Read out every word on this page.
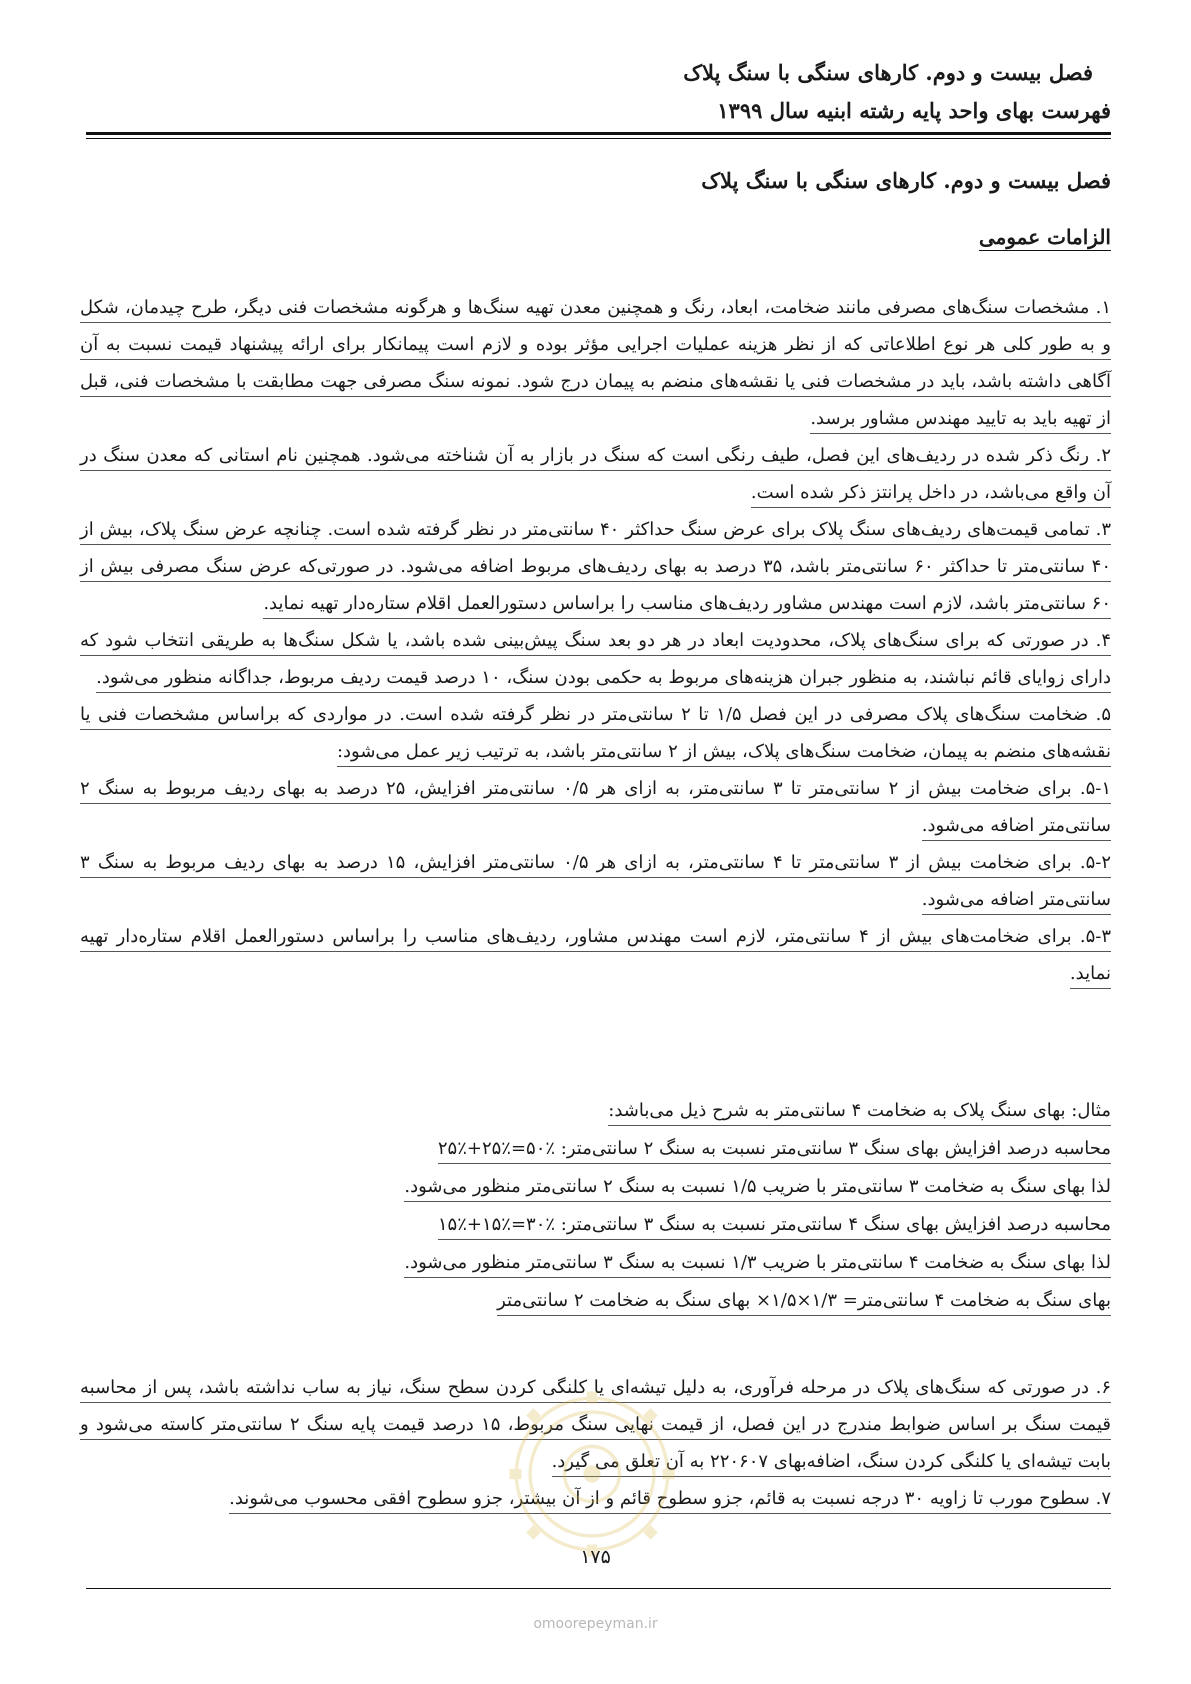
فصل بیست و دوم. کارهای سنگی با سنگ پلاک
فهرست بهای واحد پایه رشته ابنیه سال ۱۳۹۹
فصل بیست و دوم. کارهای سنگی با سنگ پلاک
الزامات عمومی

۱. مشخصات سنگ‌های مصرفی مانند ضخامت، ابعاد، رنگ و همچنین معدن تهیه سنگ‌ها و هرگونه مشخصات فنی دیگر، طرح چیدمان، شکل و به طور کلی هر نوع اطلاعاتی که از نظر هزینه عملیات اجرایی مؤثر بوده و لازم است پیمانکار برای ارائه پیشنهاد قیمت نسبت به آن آگاهی داشته باشد، باید در مشخصات فنی یا نقشه‌های منضم به پیمان درج شود. نمونه سنگ مصرفی جهت مطابقت با مشخصات فنی، قبل از تهیه باید به تایید مهندس مشاور برسد.

۲. رنگ ذکر شده در ردیف‌های این فصل، طیف رنگی است که سنگ در بازار به آن شناخته می‌شود. همچنین نام استانی که معدن سنگ در آن واقع می‌باشد، در داخل پرانتز ذکر شده است.

۳. تمامی قیمت‌های ردیف‌های سنگ پلاک برای عرض سنگ حداکثر ۴۰ سانتی‌متر در نظر گرفته شده است. چنانچه عرض سنگ پلاک، بیش از ۴۰ سانتی‌متر تا حداکثر ۶۰ سانتی‌متر باشد، ۳۵ درصد به بهای ردیف‌های مربوط اضافه می‌شود. در صورتی‌که عرض سنگ مصرفی بیش از ۶۰ سانتی‌متر باشد، لازم است مهندس مشاور ردیف‌های مناسب را براساس دستورالعمل اقلام ستاره‌دار تهیه نماید.

۴. در صورتی که برای سنگ‌های پلاک، محدودیت ابعاد در هر دو بعد سنگ پیش‌بینی شده باشد، یا شکل سنگ‌ها به طریقی انتخاب شود که دارای زوایای قائم نباشند، به منظور جبران هزینه‌های مربوط به حکمی بودن سنگ، ۱۰ درصد قیمت ردیف مربوط، جداگانه منظور می‌شود.

۵. ضخامت سنگ‌های پلاک مصرفی در این فصل ۱/۵ تا ۲ سانتی‌متر در نظر گرفته شده است. در مواردی که براساس مشخصات فنی یا نقشه‌های منضم به پیمان، ضخامت سنگ‌های پلاک، بیش از ۲ سانتی‌متر باشد، به ترتیب زیر عمل می‌شود:

۵-۱. برای ضخامت بیش از ۲ سانتی‌متر تا ۳ سانتی‌متر، به ازای هر ۰/۵ سانتی‌متر افزایش، ۲۵ درصد به بهای ردیف مربوط به سنگ ۲ سانتی‌متر اضافه می‌شود.

۵-۲. برای ضخامت بیش از ۳ سانتی‌متر تا ۴ سانتی‌متر، به ازای هر ۰/۵ سانتی‌متر افزایش، ۱۵ درصد به بهای ردیف مربوط به سنگ ۳ سانتی‌متر اضافه می‌شود.

۵-۳. برای ضخامت‌های بیش از ۴ سانتی‌متر، لازم است مهندس مشاور، ردیف‌های مناسب را براساس دستورالعمل اقلام ستاره‌دار تهیه نماید.

مثال: بهای سنگ پلاک به ضخامت ۴ سانتی‌متر به شرح ذیل می‌باشد:

محاسبه درصد افزایش بهای سنگ ۳ سانتی‌متر نسبت به سنگ ۲ سانتی‌متر: ٪۵۰=٪۲۵+٪۲۵

لذا بهای سنگ به ضخامت ۳ سانتی‌متر با ضریب ۱/۵ نسبت به سنگ ۲ سانتی‌متر منظور می‌شود.

محاسبه درصد افزایش بهای سنگ ۴ سانتی‌متر نسبت به سنگ ۳ سانتی‌متر: ٪۳۰=٪۱۵+٪۱۵

لذا بهای سنگ به ضخامت ۴ سانتی‌متر با ضریب ۱/۳ نسبت به سنگ ۳ سانتی‌متر منظور می‌شود.

بهای سنگ به ضخامت ۴ سانتی‌متر= ۱/۳×۱/۵× بهای سنگ به ضخامت ۲ سانتی‌متر

۶. در صورتی که سنگ‌های پلاک در مرحله فرآوری، به دلیل تیشه‌ای یا کلنگی کردن سطح سنگ، نیاز به ساب نداشته باشد، پس از محاسبه قیمت سنگ بر اساس ضوابط مندرج در این فصل، از قیمت نهایی سنگ مربوط، ۱۵ درصد قیمت پایه سنگ ۲ سانتی‌متر کاسته می‌شود و بابت تیشه‌ای یا کلنگی کردن سنگ، اضافه‌بهای ۲۲۰۶۰۷ به آن تعلق می گیرد.

۷. سطوح مورب تا زاویه ۳۰ درجه نسبت به قائم، جزو سطوح قائم و از آن بیشتر، جزو سطوح افقی محسوب می‌شوند.

۱۷۵
omoorepeyman.ir
